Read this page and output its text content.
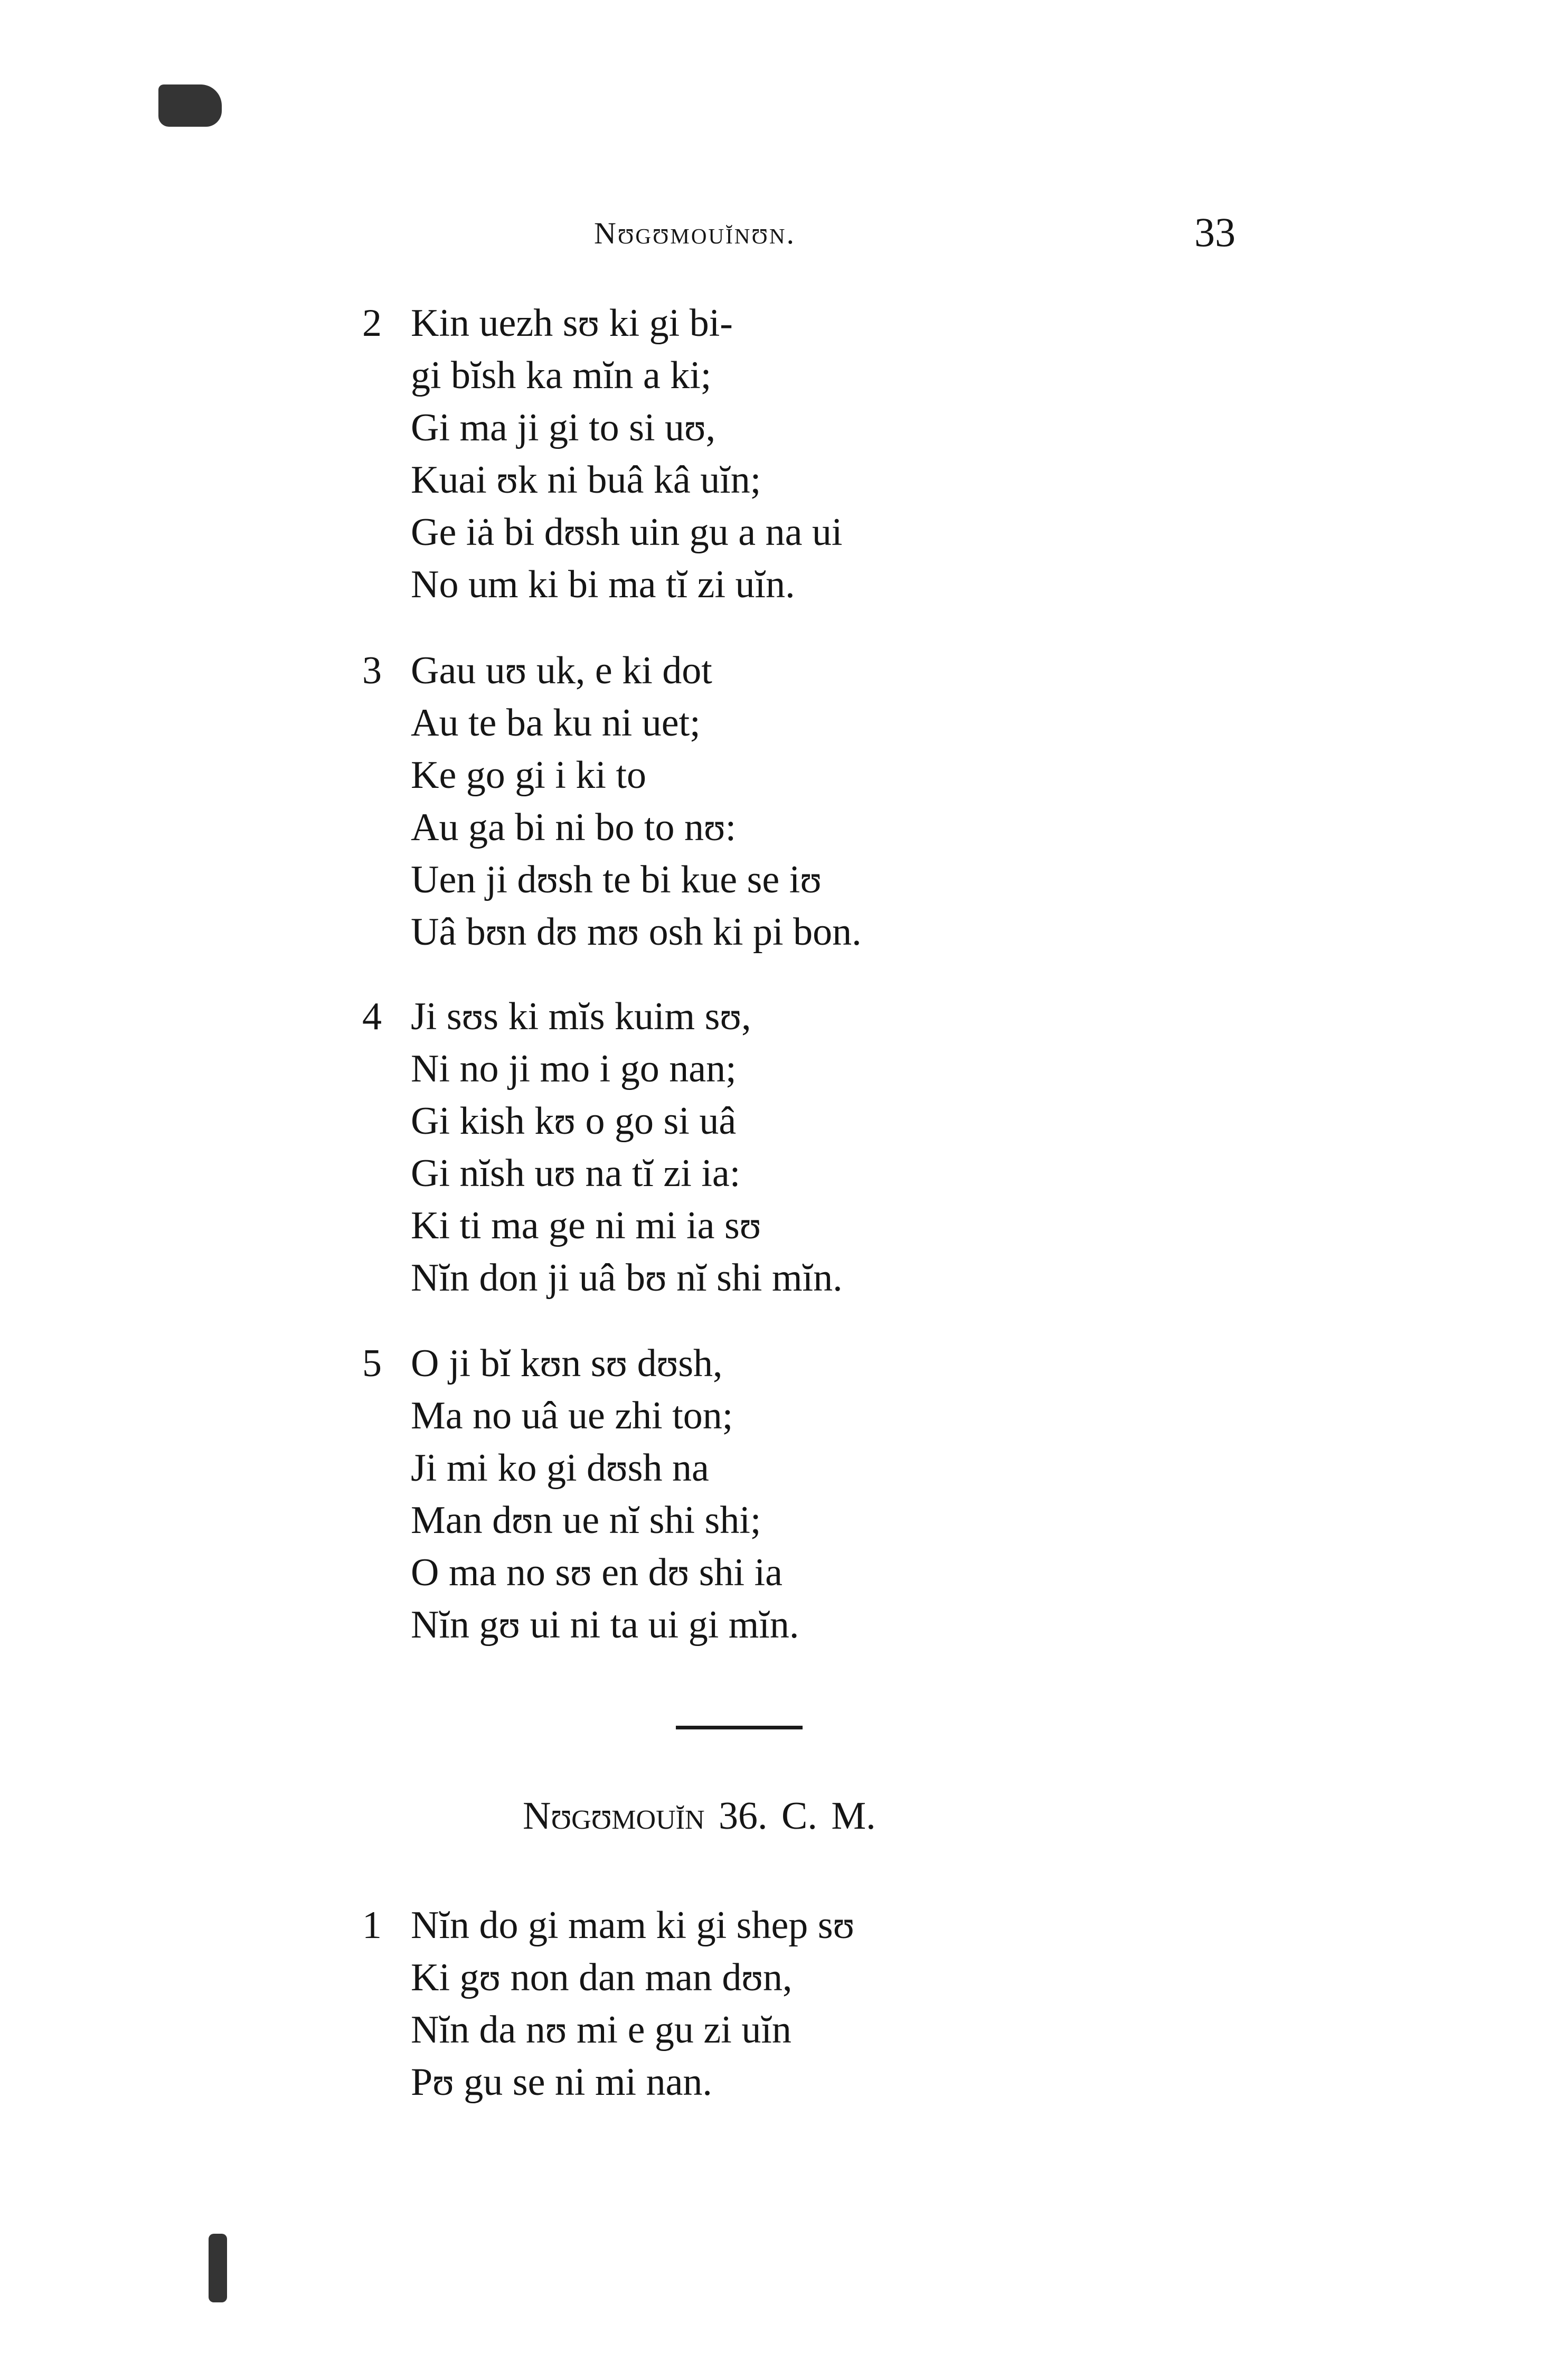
Nʊgʊmouĭnʊn.	33
2 Kin uezh sʊ ki gi bi-
gi bĭsh ka mĭn a ki;
Gi ma ji gi to si uʊ,
Kuai ʊk ni buâ kâ uĭn;
Ge iȧ bi dʊsh uin gu a na ui
No um ki bi ma tĭ zi uĭn.
3 Gau uʊ uk, e ki dot
Au te ba ku ni uet;
Ke go gi i ki to
Au ga bi ni bo to nʊ:
Uen ji dʊsh te bi kue se iʊ
Uâ bʊn dʊ mʊ osh ki pi bon.
4 Ji sʊs ki mĭs kuim sʊ,
Ni no ji mo i go nan;
Gi kish kʊ o go si uâ
Gi nĭsh uʊ na tĭ zi ia:
Ki ti ma ge ni mi ia sʊ
Nĭn don ji uâ bʊ nĭ shi mĭn.
5 O ji bĭ kʊn sʊ dʊsh,
Ma no uâ ue zhi ton;
Ji mi ko gi dʊsh na
Man dʊn ue nĭ shi shi;
O ma no sʊ en dʊ shi ia
Nĭn gʊ ui ni ta ui gi mĭn.
Nʊgʊmouĭn 36. C. M.
1 Nĭn do gi mam ki gi shep sʊ
Ki gʊ non dan man dʊn,
Nĭn da nʊ mi e gu zi uĭn
Pʊ gu se ni mi nan.
